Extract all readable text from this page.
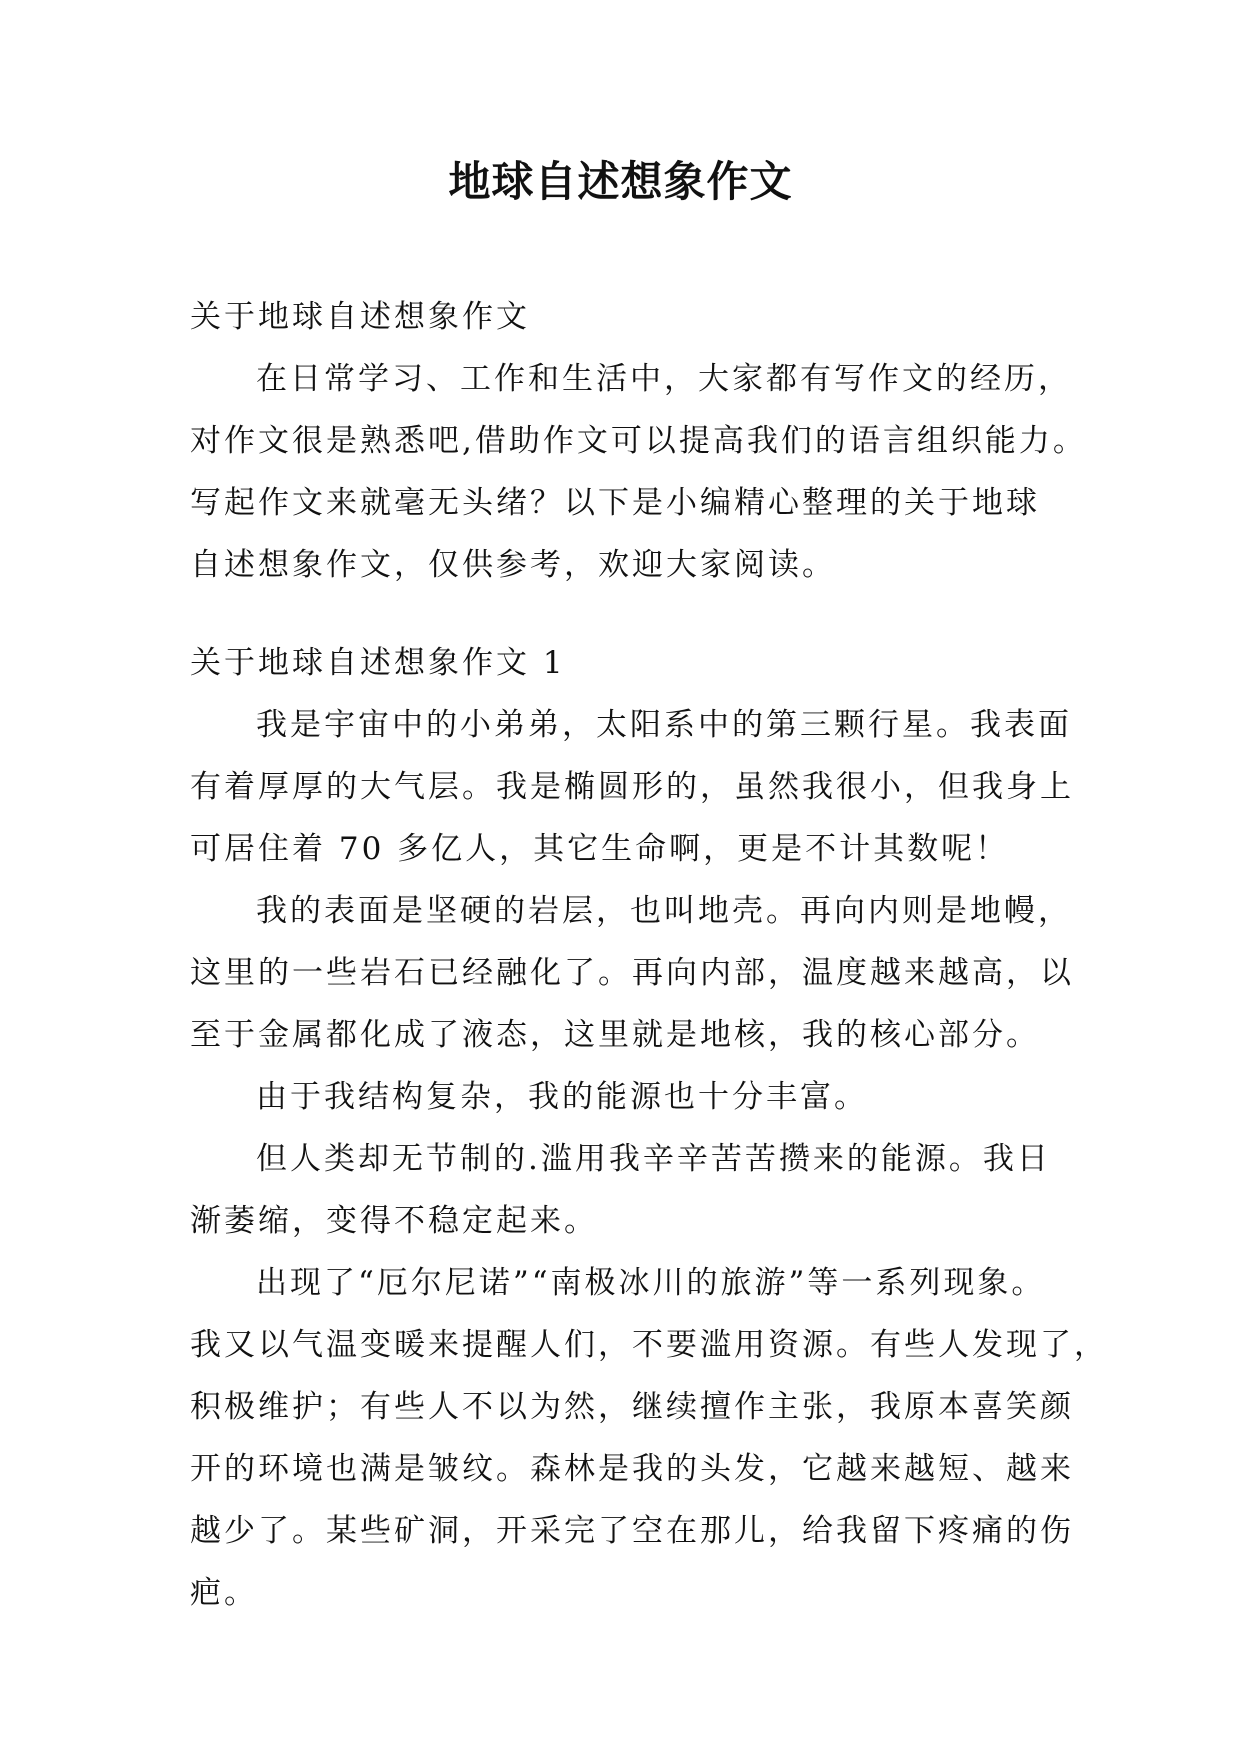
地球自述想象作文
关于地球自述想象作文
在日常学习、工作和生活中，大家都有写作文的经历，
对作文很是熟悉吧,借助作文可以提高我们的语言组织能力。
写起作文来就毫无头绪？以下是小编精心整理的关于地球
自述想象作文，仅供参考，欢迎大家阅读。
关于地球自述想象作文 1
我是宇宙中的小弟弟，太阳系中的第三颗行星。我表面
有着厚厚的大气层。我是椭圆形的，虽然我很小，但我身上
可居住着 70 多亿人，其它生命啊，更是不计其数呢！
我的表面是坚硬的岩层，也叫地壳。再向内则是地幔，
这里的一些岩石已经融化了。再向内部，温度越来越高，以
至于金属都化成了液态，这里就是地核，我的核心部分。
由于我结构复杂，我的能源也十分丰富。
但人类却无节制的.滥用我辛辛苦苦攒来的能源。我日
渐萎缩，变得不稳定起来。
出现了“厄尔尼诺”“南极冰川的旅游”等一系列现象。
我又以气温变暖来提醒人们，不要滥用资源。有些人发现了，
积极维护；有些人不以为然，继续擅作主张，我原本喜笑颜
开的环境也满是皱纹。森林是我的头发，它越来越短、越来
越少了。某些矿洞，开采完了空在那儿，给我留下疼痛的伤
疤。
